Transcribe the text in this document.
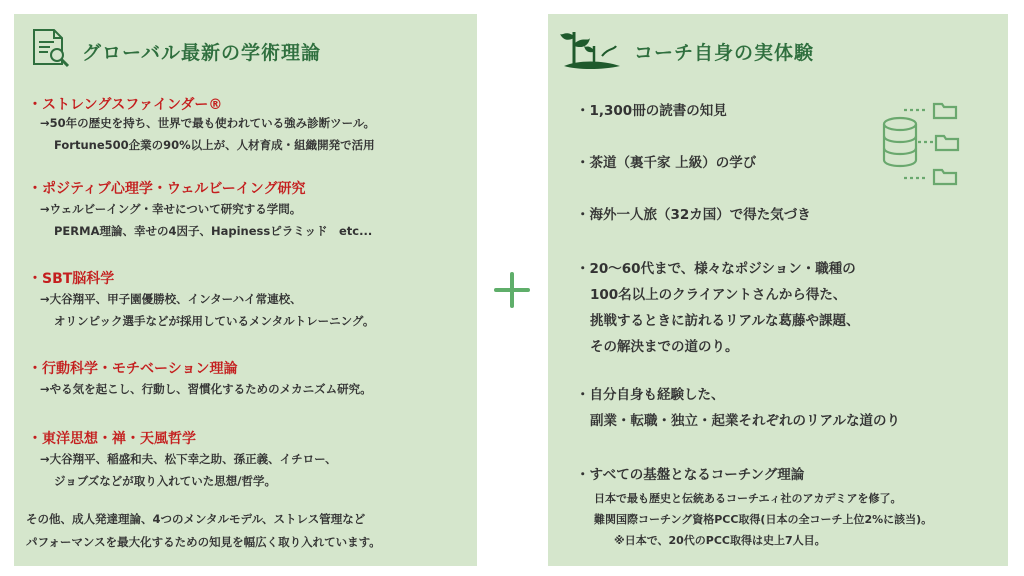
グローバル最新の学術理論
・ストレングスファインダー®
→50年の歴史を持ち、世界で最も使われている強み診断ツール。
Fortune500企業の90%以上が、人材育成・組織開発で活用
・ポジティブ心理学・ウェルビーイング研究
→ウェルビーイング・幸せについて研究する学問。
PERMA理論、幸せの4因子、Hapinessピラミッド　etc...
・SBT脳科学
→大谷翔平、甲子園優勝校、インターハイ常連校、
オリンピック選手などが採用しているメンタルトレーニング。
・行動科学・モチベーション理論
→やる気を起こし、行動し、習慣化するためのメカニズム研究。
・東洋思想・禅・天風哲学
→大谷翔平、稲盛和夫、松下幸之助、孫正義、イチロー、
ジョブズなどが取り入れていた思想/哲学。
その他、成人発達理論、4つのメンタルモデル、ストレス管理など
パフォーマンスを最大化するための知見を幅広く取り入れています。
コーチ自身の実体験
・1,300冊の読書の知見
・茶道（裏千家 上級）の学び
・海外一人旅（32カ国）で得た気づき
・20〜60代まで、様々なポジション・職種の
100名以上のクライアントさんから得た、
挑戦するときに訪れるリアルな葛藤や課題、
その解決までの道のり。
・自分自身も経験した、
副業・転職・独立・起業それぞれのリアルな道のり
・すべての基盤となるコーチング理論
日本で最も歴史と伝統あるコーチエィ社のアカデミアを修了。
難関国際コーチング資格PCC取得(日本の全コーチ上位2%に該当)。
※日本で、20代のPCC取得は史上7人目。
